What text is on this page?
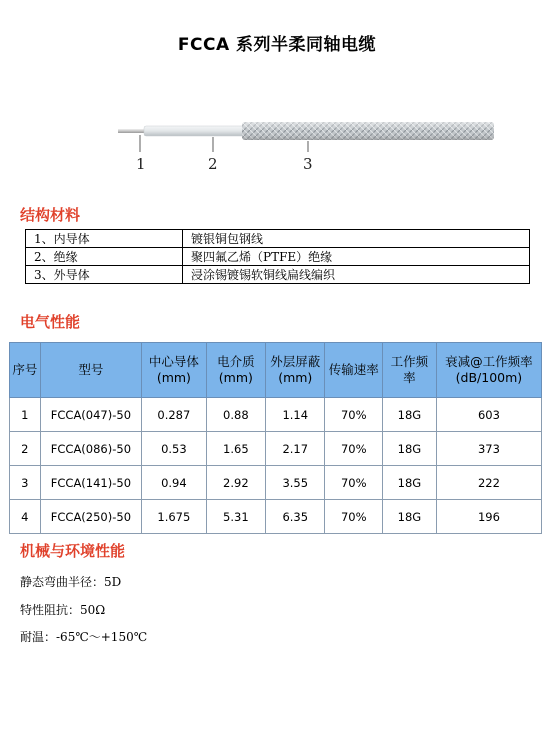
FCCA 系列半柔同轴电缆
1	2	3
结构材料
1、内导体	镀银铜包钢线
2、绝缘	聚四氟乙烯（PTFE）绝缘
3、外导体	浸涂锡镀锡软铜线扁线编织
电气性能
序号	型号	中心导体(mm)	电介质(mm)	外层屏蔽(mm)	传输速率	工作频率	衰减@工作频率(dB/100m)
1	FCCA(047)-50	0.287	0.88	1.14	70%	18G	603
2	FCCA(086)-50	0.53	1.65	2.17	70%	18G	373
3	FCCA(141)-50	0.94	2.92	3.55	70%	18G	222
4	FCCA(250)-50	1.675	5.31	6.35	70%	18G	196
机械与环境性能
静态弯曲半径：5D
特性阻抗：50Ω
耐温：-65℃～+150℃
